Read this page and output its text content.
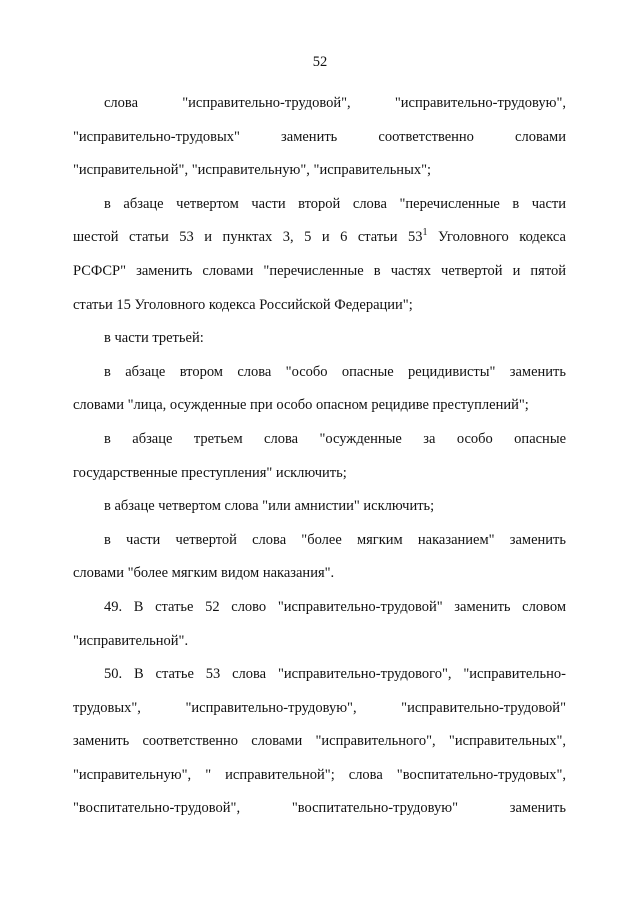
52
слова "исправительно-трудовой", "исправительно-трудовую",
"исправительно-трудовых" заменить соответственно словами
"исправительной", "исправительную", "исправительных";
в абзаце четвертом части второй слова "перечисленные в части
шестой статьи 53 и пунктах 3, 5 и 6 статьи $53^1$ Уголовного кодекса
РСФСР" заменить словами "перечисленные в частях четвертой и пятой
статьи 15 Уголовного кодекса Российской Федерации";
в части третьей:
в абзаце втором слова "особо опасные рецидивисты" заменить
словами "лица, осужденные при особо опасном рецидиве преступлений";
в абзаце третьем слова "осужденные за особо опасные
государственные преступления" исключить;
в абзаце четвертом слова "или амнистии" исключить;
в части четвертой слова "более мягким наказанием" заменить
словами "более мягким видом наказания".
49. В статье 52 слово "исправительно-трудовой" заменить словом
"исправительной".
50. В статье 53 слова "исправительно-трудового", "исправительно-
трудовых", "исправительно-трудовую", "исправительно-трудовой"
заменить соответственно словами "исправительного", "исправительных",
"исправительную", " исправительной"; слова "воспитательно-трудовых",
"воспитательно-трудовой", "воспитательно-трудовую" заменить
